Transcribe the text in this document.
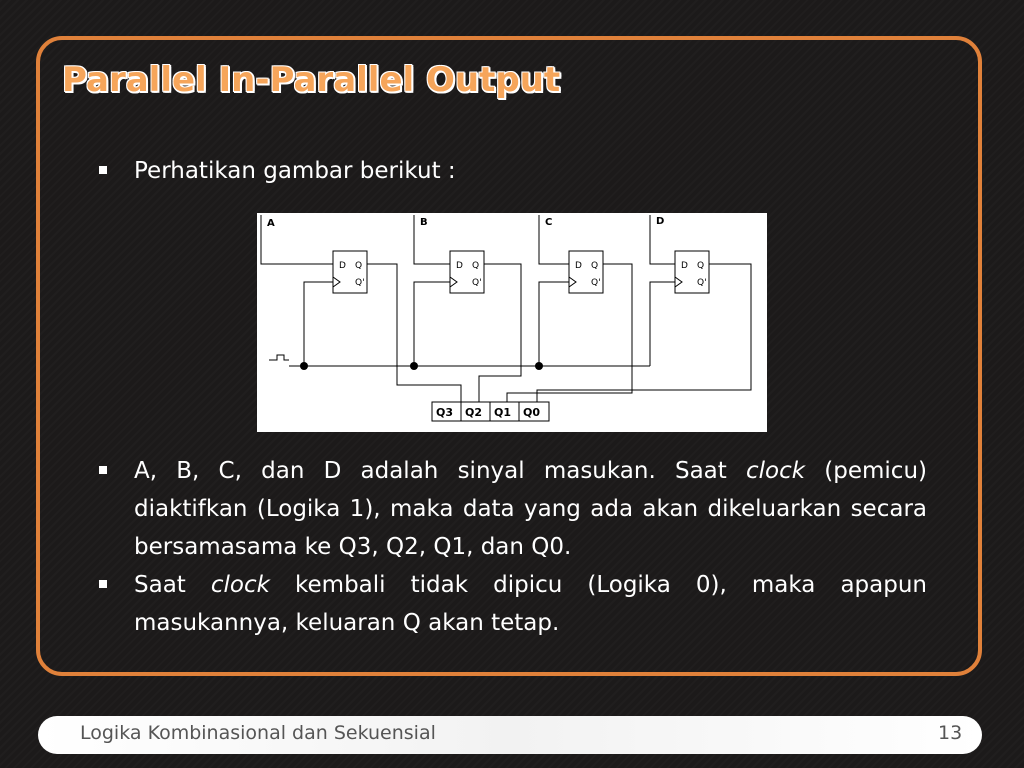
Parallel In-Parallel Output
Perhatikan gambar berikut :
A	B	C	D
D Q
Q'
D Q
Q'
D Q
Q'
D Q
Q'
Q3 Q2 Q1 Q0
A, B, C, dan D adalah sinyal masukan. Saat clock (pemicu) diaktifkan (Logika 1), maka data yang ada akan dikeluarkan secara bersamasama ke Q3, Q2, Q1, dan Q0.
Saat clock kembali tidak dipicu (Logika 0), maka apapun masukannya, keluaran Q akan tetap.
Logika Kombinasional dan Sekuensial	13
